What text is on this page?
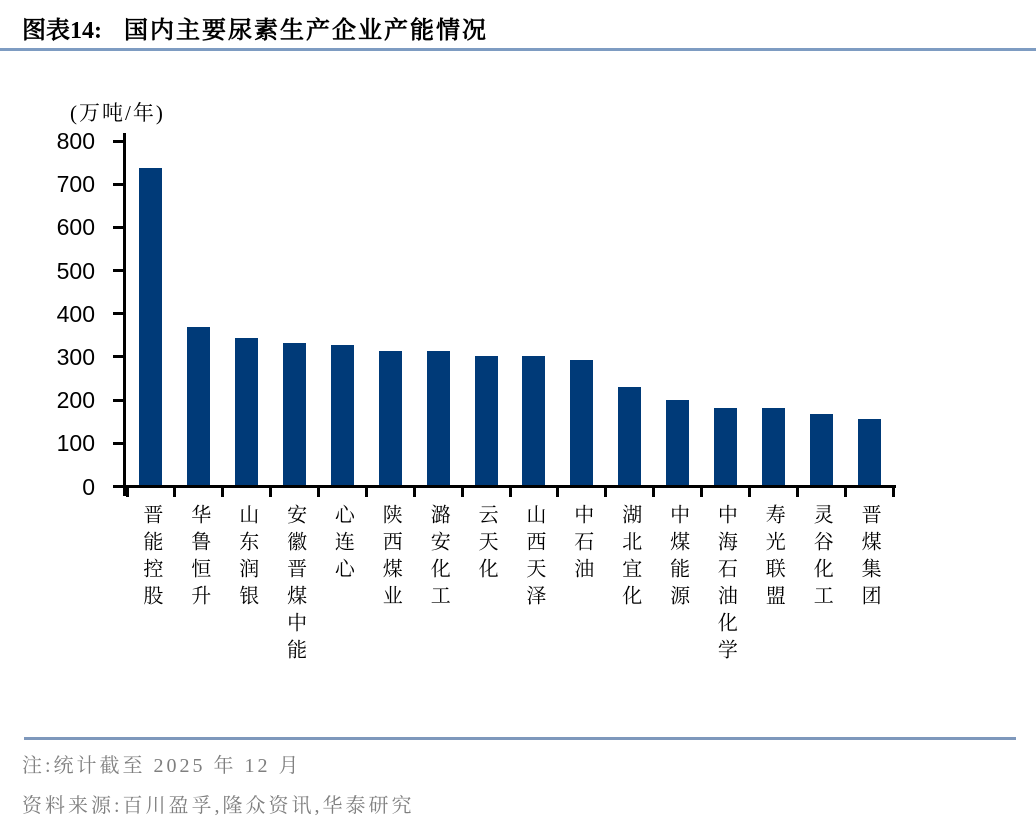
图表14: 国内主要尿素生产企业产能情况
(万吨/年)
0
100
200
300
400
500
600
700
800
晋能控股 华鲁恒升 山东润银 安徽晋煤中能 心连心 陕西煤业 潞安化工 云天化 山西天泽 中石油 湖北宜化 中煤能源 中海石油化学 寿光联盟 灵谷化工 晋煤集团
注:统计截至 2025 年 12 月
资料来源:百川盈孚,隆众资讯,华泰研究
